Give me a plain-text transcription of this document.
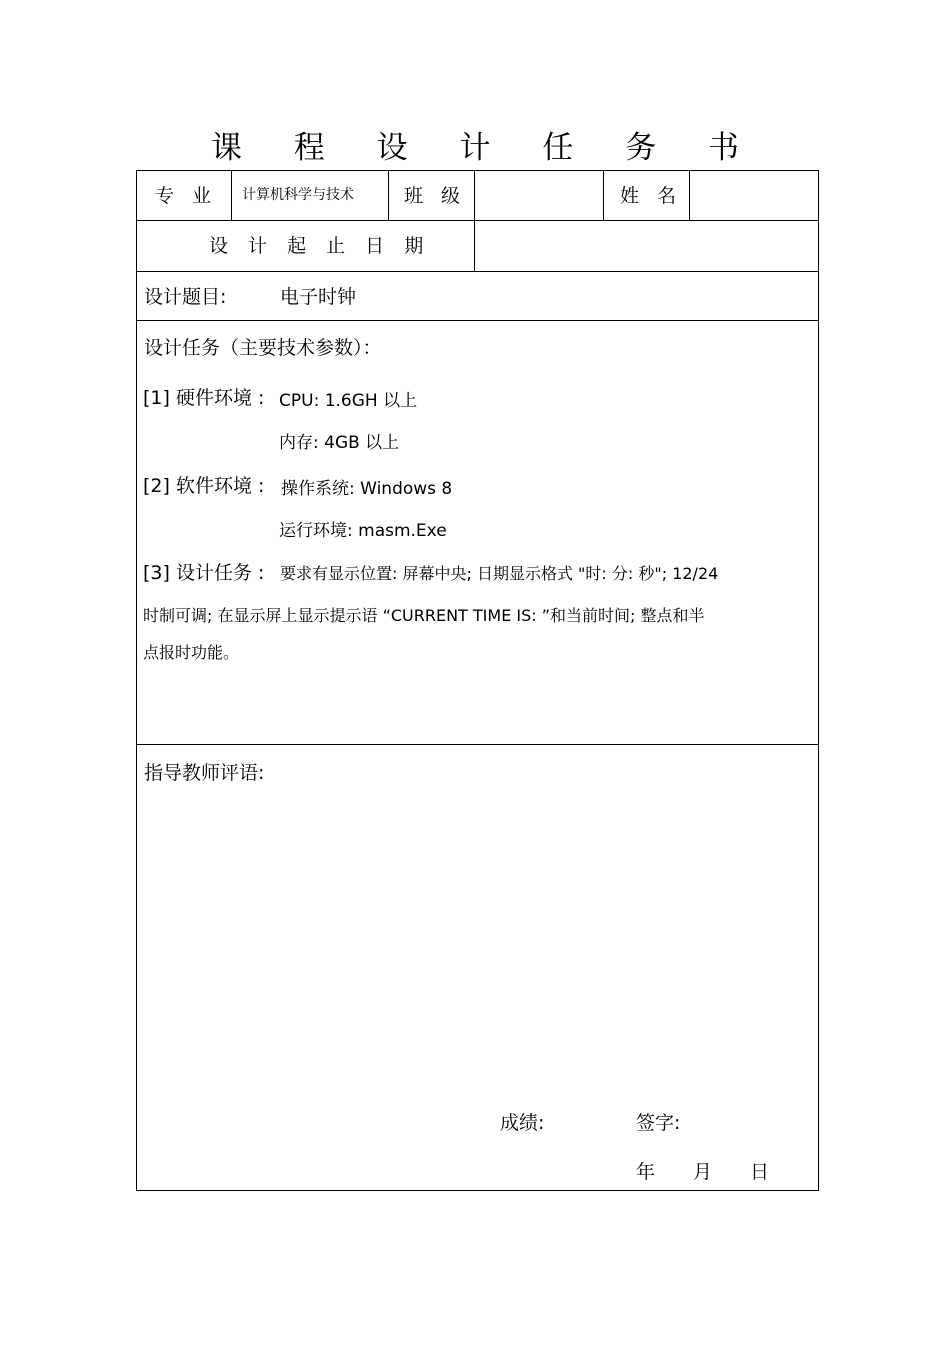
课 程 设 计 任 务 书
专 业 计算机科学与技术	班 级	姓 名
设 计 起 止 日 期
设计题目:	电子时钟
设计任务（主要技术参数）：
[1] 硬件环境 : CPU: 1.6GH 以上
内存: 4GB 以上
[2] 软件环境 : 操作系统: Windows 8
运行环境: masm.Exe
[3] 设计任务 : 要求有显示位置: 屏幕中央; 日期显示格式 "时: 分: 秒"; 12/24
时制可调; 在显示屏上显示提示语 “CURRENT TIME IS: ”和当前时间; 整点和半
点报时功能。
指导教师评语:
成绩:	签字:
年 月 日
